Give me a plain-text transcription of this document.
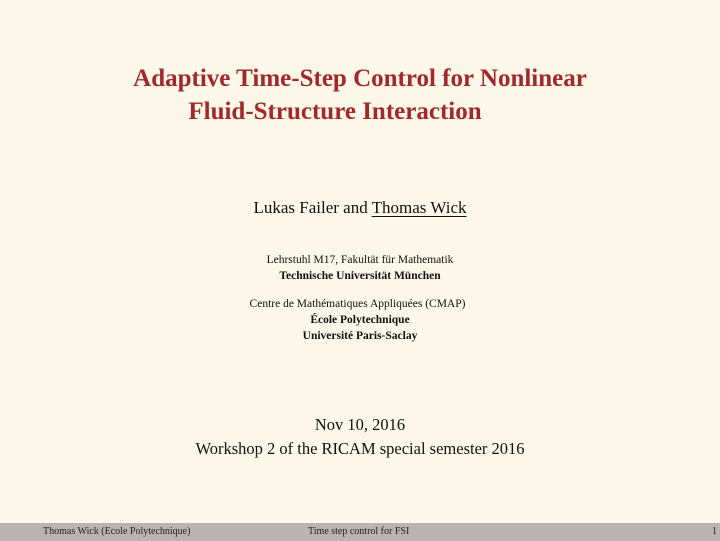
Adaptive Time-Step Control for Nonlinear
Fluid-Structure Interaction
Lukas Failer and Thomas Wick
Lehrstuhl M17, Fakultät für Mathematik
Technische Universität München
Centre de Mathématiques Appliquées (CMAP)
École Polytechnique
Université Paris-Saclay
Nov 10, 2016
Workshop 2 of the RICAM special semester 2016
Thomas Wick (Ecole Polytechnique)	Time step control for FSI	1
